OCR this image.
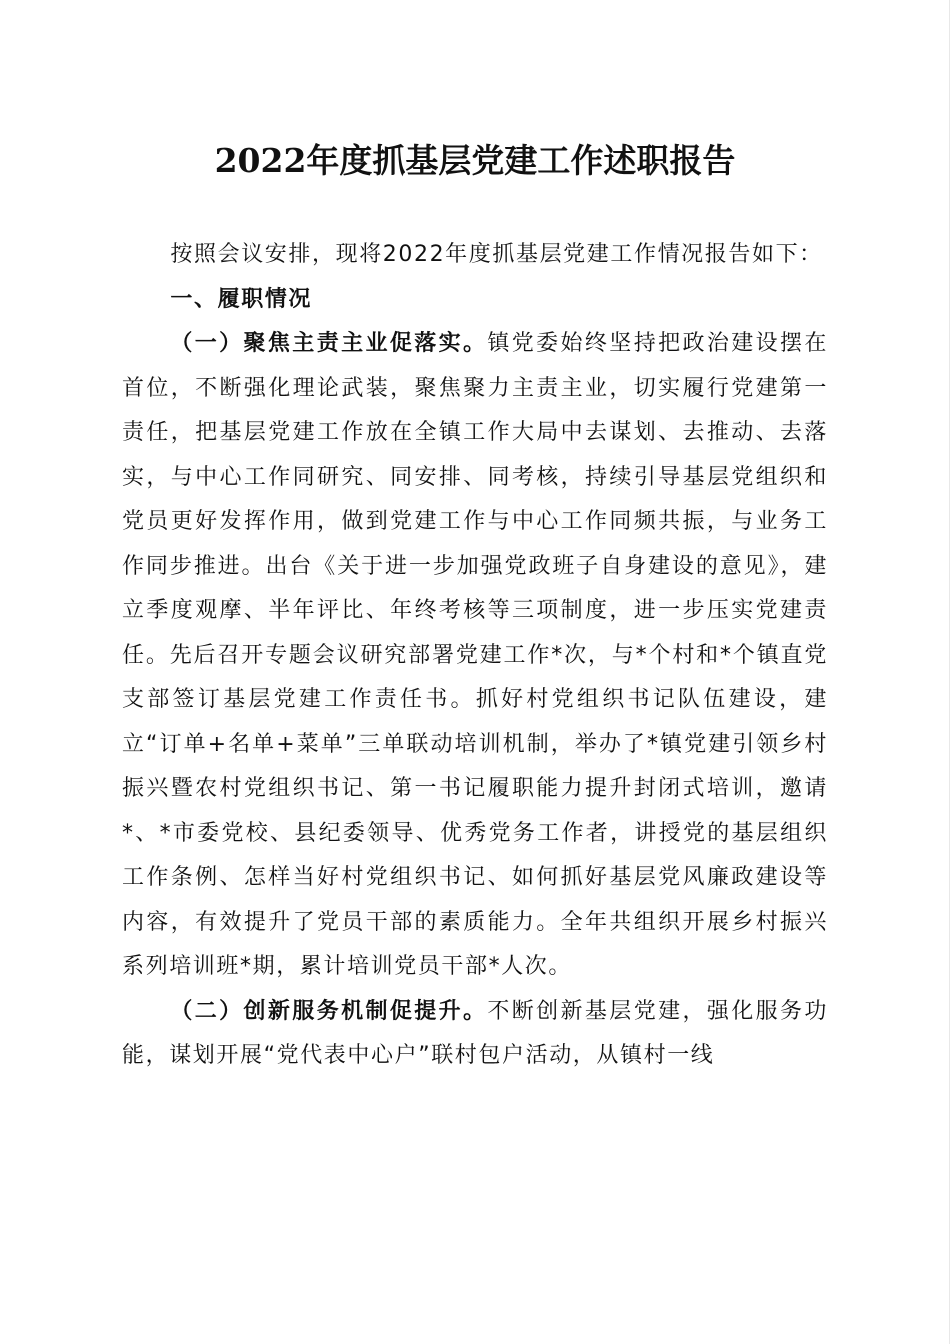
2022年度抓基层党建工作述职报告

按照会议安排，现将2022年度抓基层党建工作情况报告如下：

一、履职情况

（一）聚焦主责主业促落实。镇党委始终坚持把政治建设摆在首位，不断强化理论武装，聚焦聚力主责主业，切实履行党建第一责任，把基层党建工作放在全镇工作大局中去谋划、去推动、去落实，与中心工作同研究、同安排、同考核，持续引导基层党组织和党员更好发挥作用，做到党建工作与中心工作同频共振，与业务工作同步推进。出台《关于进一步加强党政班子自身建设的意见》，建立季度观摩、半年评比、年终考核等三项制度，进一步压实党建责任。先后召开专题会议研究部署党建工作*次，与*个村和*个镇直党支部签订基层党建工作责任书。抓好村党组织书记队伍建设，建立“订单+名单+菜单”三单联动培训机制，举办了*镇党建引领乡村振兴暨农村党组织书记、第一书记履职能力提升封闭式培训，邀请*、*市委党校、县纪委领导、优秀党务工作者，讲授党的基层组织工作条例、怎样当好村党组织书记、如何抓好基层党风廉政建设等内容，有效提升了党员干部的素质能力。全年共组织开展乡村振兴系列培训班*期，累计培训党员干部*人次。

（二）创新服务机制促提升。不断创新基层党建，强化服务功能，谋划开展“党代表中心户”联村包户活动，从镇村一线
